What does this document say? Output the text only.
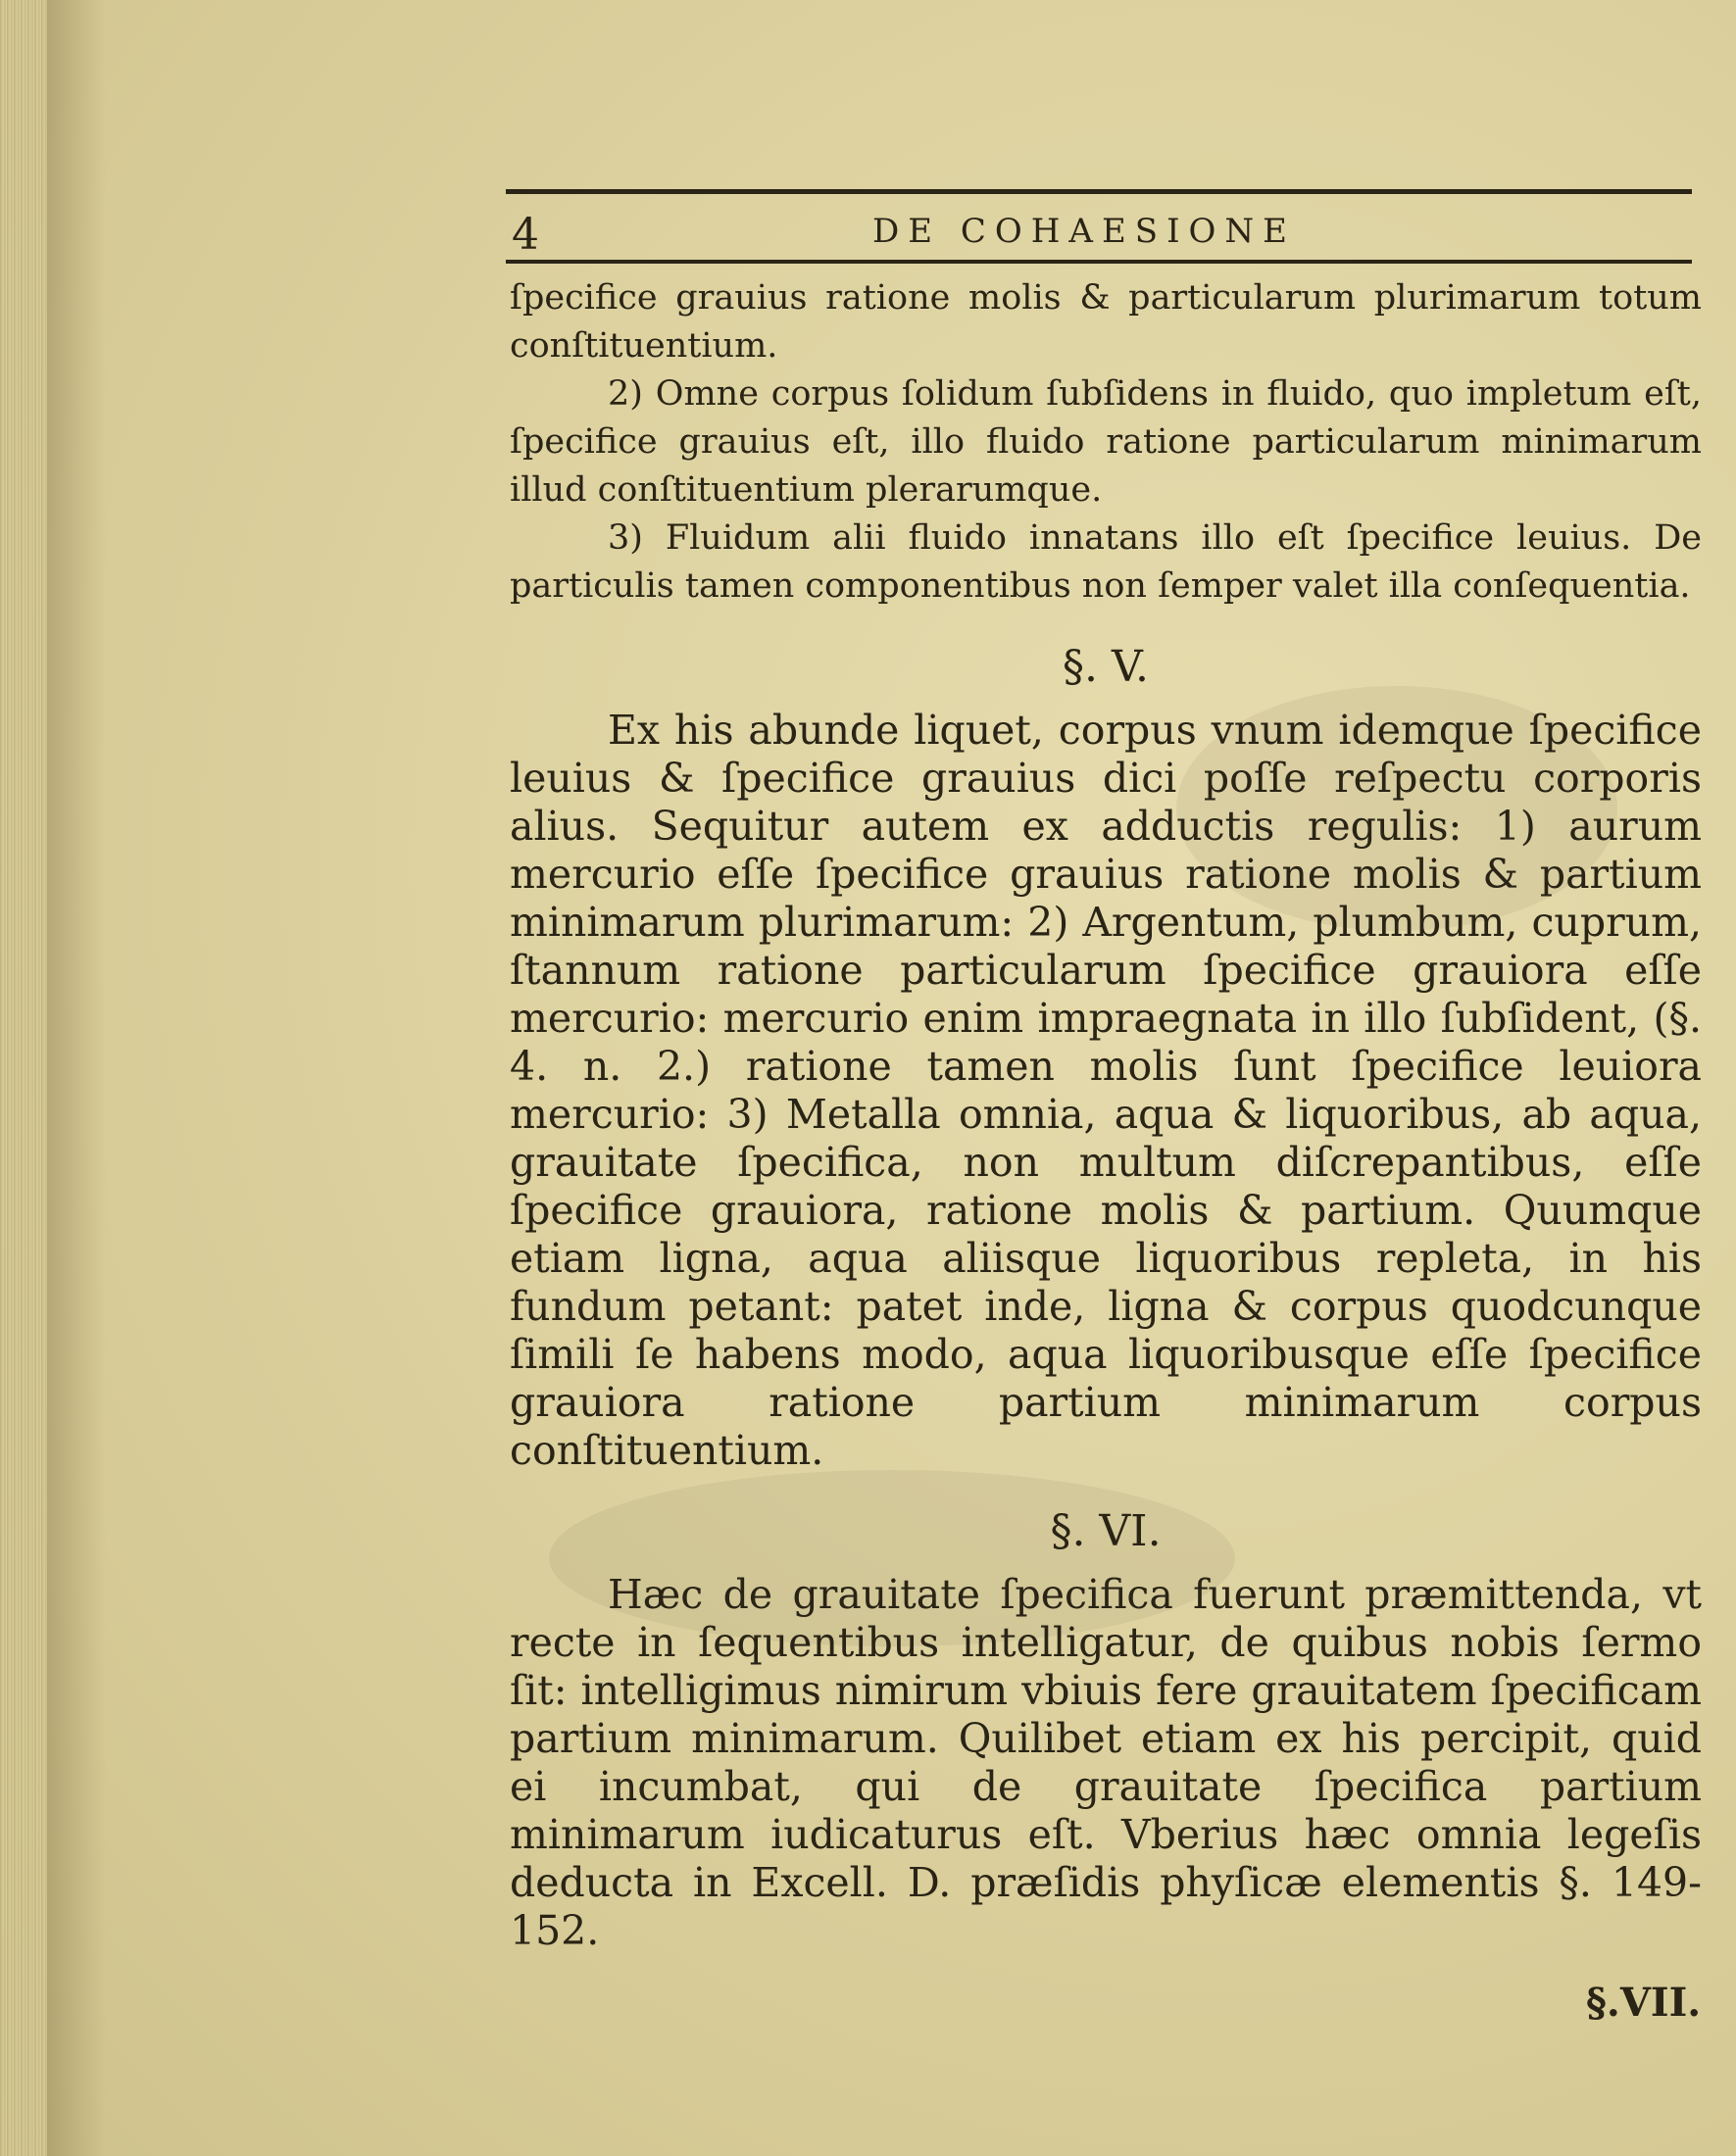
4	DE COHAESIONE

ſpecifice grauius ratione molis & particularum plurimarum totum conſtituentium.

2) Omne corpus ſolidum ſubſidens in fluido, quo impletum eſt, ſpecifice grauius eſt, illo fluido ratione particularum minimarum illud conſtituentium plerarumque.

3) Fluidum alii fluido innatans illo eſt ſpecifice leuius. De particulis tamen componentibus non ſemper valet illa conſequentia.

§. V.

Ex his abunde liquet, corpus vnum idemque ſpecifice leuius & ſpecifice grauius dici poſſe reſpectu corporis alius. Sequitur autem ex adductis regulis: 1) aurum mercurio eſſe ſpecifice grauius ratione molis & partium minimarum plurimarum: 2) Argentum, plumbum, cuprum, ſtannum ratione particularum ſpecifice grauiora eſſe mercurio: mercurio enim impraegnata in illo ſubſident, (§. 4. n. 2.) ratione tamen molis ſunt ſpecifice leuiora mercurio: 3) Metalla omnia, aqua & liquoribus, ab aqua, grauitate ſpecifica, non multum diſcrepantibus, eſſe ſpecifice grauiora, ratione molis & partium. Quumque etiam ligna, aqua aliisque liquoribus repleta, in his fundum petant: patet inde, ligna & corpus quodcunque ſimili ſe habens modo, aqua liquoribusque eſſe ſpecifice grauiora ratione partium minimarum corpus conſtituentium.

§. VI.

Hæc de grauitate ſpecifica fuerunt præmittenda, vt recte in ſequentibus intelligatur, de quibus nobis ſermo ſit: intelligimus nimirum vbiuis fere grauitatem ſpecificam partium minimarum. Quilibet etiam ex his percipit, quid ei incumbat, qui de grauitate ſpecifica partium minimarum iudicaturus eſt. Vberius hæc omnia legeſis deducta in Excell. D. præſidis phyſicæ elementis §. 149-152.

§.VII.
